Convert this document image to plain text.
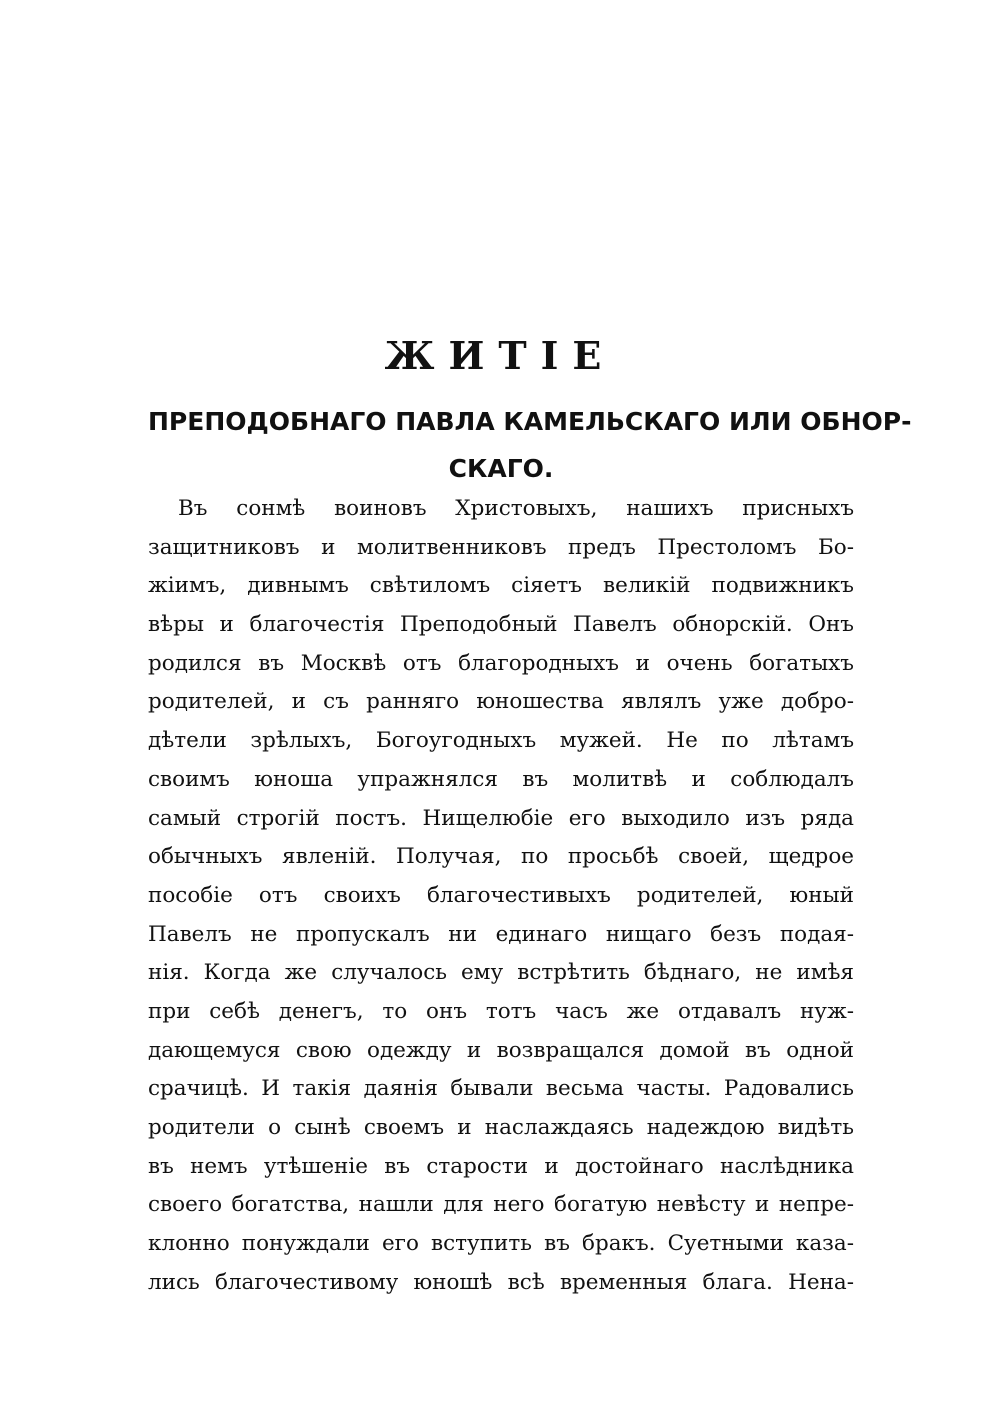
ЖИТІЕ
ПРЕПОДОБНАГО ПАВЛА КАМЕЛЬСКАГО ИЛИ ОБНОР-
СКАГО.
Въ сонмѣ воиновъ Христовыхъ, нашихъ присныхъ
защитниковъ и молитвенниковъ предъ Престоломъ Бо-
жіимъ, дивнымъ свѣтиломъ сіяетъ великій подвижникъ
вѣры и благочестія Преподобный Павелъ обнорскій. Онъ
родился въ Москвѣ отъ благородныхъ и очень богатыхъ
родителей, и съ ранняго юношества являлъ уже добро-
дѣтели зрѣлыхъ, Богоугодныхъ мужей. Не по лѣтамъ
своимъ юноша упражнялся въ молитвѣ и соблюдалъ
самый строгій постъ. Нищелюбіе его выходило изъ ряда
обычныхъ явленій. Получая, по просьбѣ своей, щедрое
пособіе отъ своихъ благочестивыхъ родителей, юный
Павелъ не пропускалъ ни единаго нищаго безъ подая-
нія. Когда же случалось ему встрѣтить бѣднаго, не имѣя
при себѣ денегъ, то онъ тотъ часъ же отдавалъ нуж-
дающемуся свою одежду и возвращался домой въ одной
срачицѣ. И такія даянія бывали весьма часты. Радовались
родители о сынѣ своемъ и наслаждаясь надеждою видѣть
въ немъ утѣшеніе въ старости и достойнаго наслѣдника
своего богатства, нашли для него богатую невѣсту и непре-
клонно понуждали его вступить въ бракъ. Суетными каза-
лись благочестивому юношѣ всѣ временныя блага. Нена-
